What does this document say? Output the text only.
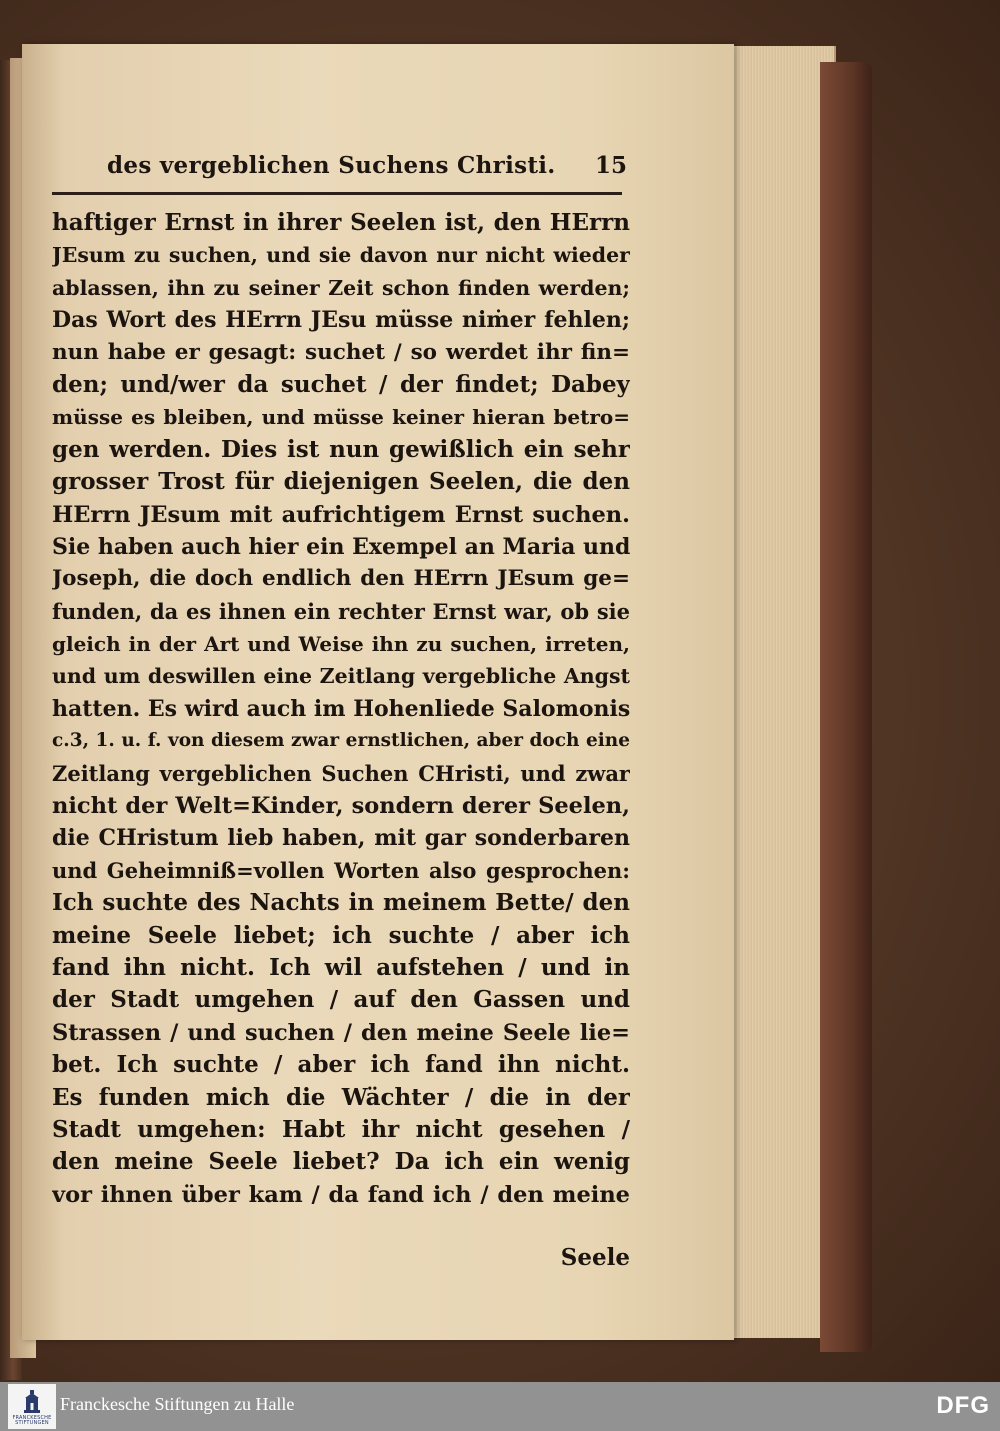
des vergeblichen Suchens Christi. 15
haftiger Ernst in ihrer Seelen ist, den HErrn
JEsum zu suchen, und sie davon nur nicht wieder
ablassen, ihn zu seiner Zeit schon finden werden;
Das Wort des HErrn JEsu müsse niṁer fehlen;
nun habe er gesagt: suchet / so werdet ihr fin=
den; und/wer da suchet / der findet; Dabey
müsse es bleiben, und müsse keiner hieran betro=
gen werden. Dies ist nun gewißlich ein sehr
grosser Trost für diejenigen Seelen, die den
HErrn JEsum mit aufrichtigem Ernst suchen.
Sie haben auch hier ein Exempel an Maria und
Joseph, die doch endlich den HErrn JEsum ge=
funden, da es ihnen ein rechter Ernst war, ob sie
gleich in der Art und Weise ihn zu suchen, irreten,
und um deswillen eine Zeitlang vergebliche Angst
hatten. Es wird auch im Hohenliede Salomonis
c.3, 1. u. f. von diesem zwar ernstlichen, aber doch eine
Zeitlang vergeblichen Suchen CHristi, und zwar
nicht der Welt=Kinder, sondern derer Seelen,
die CHristum lieb haben, mit gar sonderbaren
und Geheimniß=vollen Worten also gesprochen:
Ich suchte des Nachts in meinem Bette/ den
meine Seele liebet; ich suchte / aber ich
fand ihn nicht. Ich wil aufstehen / und in
der Stadt umgehen / auf den Gassen und
Strassen / und suchen / den meine Seele lie=
bet. Ich suchte / aber ich fand ihn nicht.
Es funden mich die Wächter / die in der
Stadt umgehen: Habt ihr nicht gesehen /
den meine Seele liebet? Da ich ein wenig
vor ihnen über kam / da fand ich / den meine
Seele
FRANCKESCHE STIFTUNGEN
Franckesche Stiftungen zu Halle	DFG
